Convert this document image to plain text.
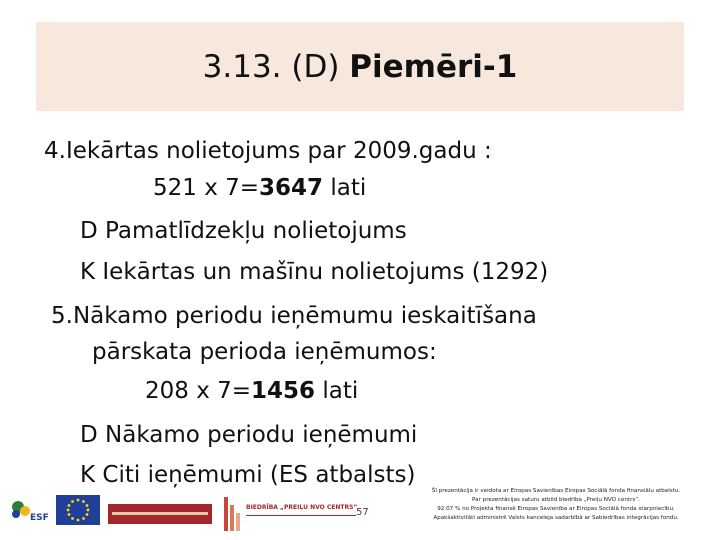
3.13. (D) Piemēri-1
4.Iekārtas nolietojums par 2009.gadu :
521 x 7=3647 lati
D Pamatlīdzekļu nolietojums
K Iekārtas un mašīnu nolietojums (1292)
5.Nākamo periodu ieņēmumu ieskaitīšana
pārskata perioda ieņēmumos:
208 x 7=1456 lati
D Nākamo periodu ieņēmumi
K Citi ieņēmumi (ES atbalsts)
ESF
BIEDRĪBA „PREIĻU NVO CENTRS”
57
Šī prezentācija ir veidota ar Eiropas Savienības Eiropas Sociālā fonda finansiālu atbalstu.
Par prezentācijas saturu atbild biedrība „Preiļu NVO centrs”.
92.07 % no Projekta finansē Eiropas Savienība ar Eiropas Sociālā fonda starpniecību.
Apakšaktivitāti administrē Valsts kanceleja sadarbībā ar Sabiedrības integrācijas fondu.
